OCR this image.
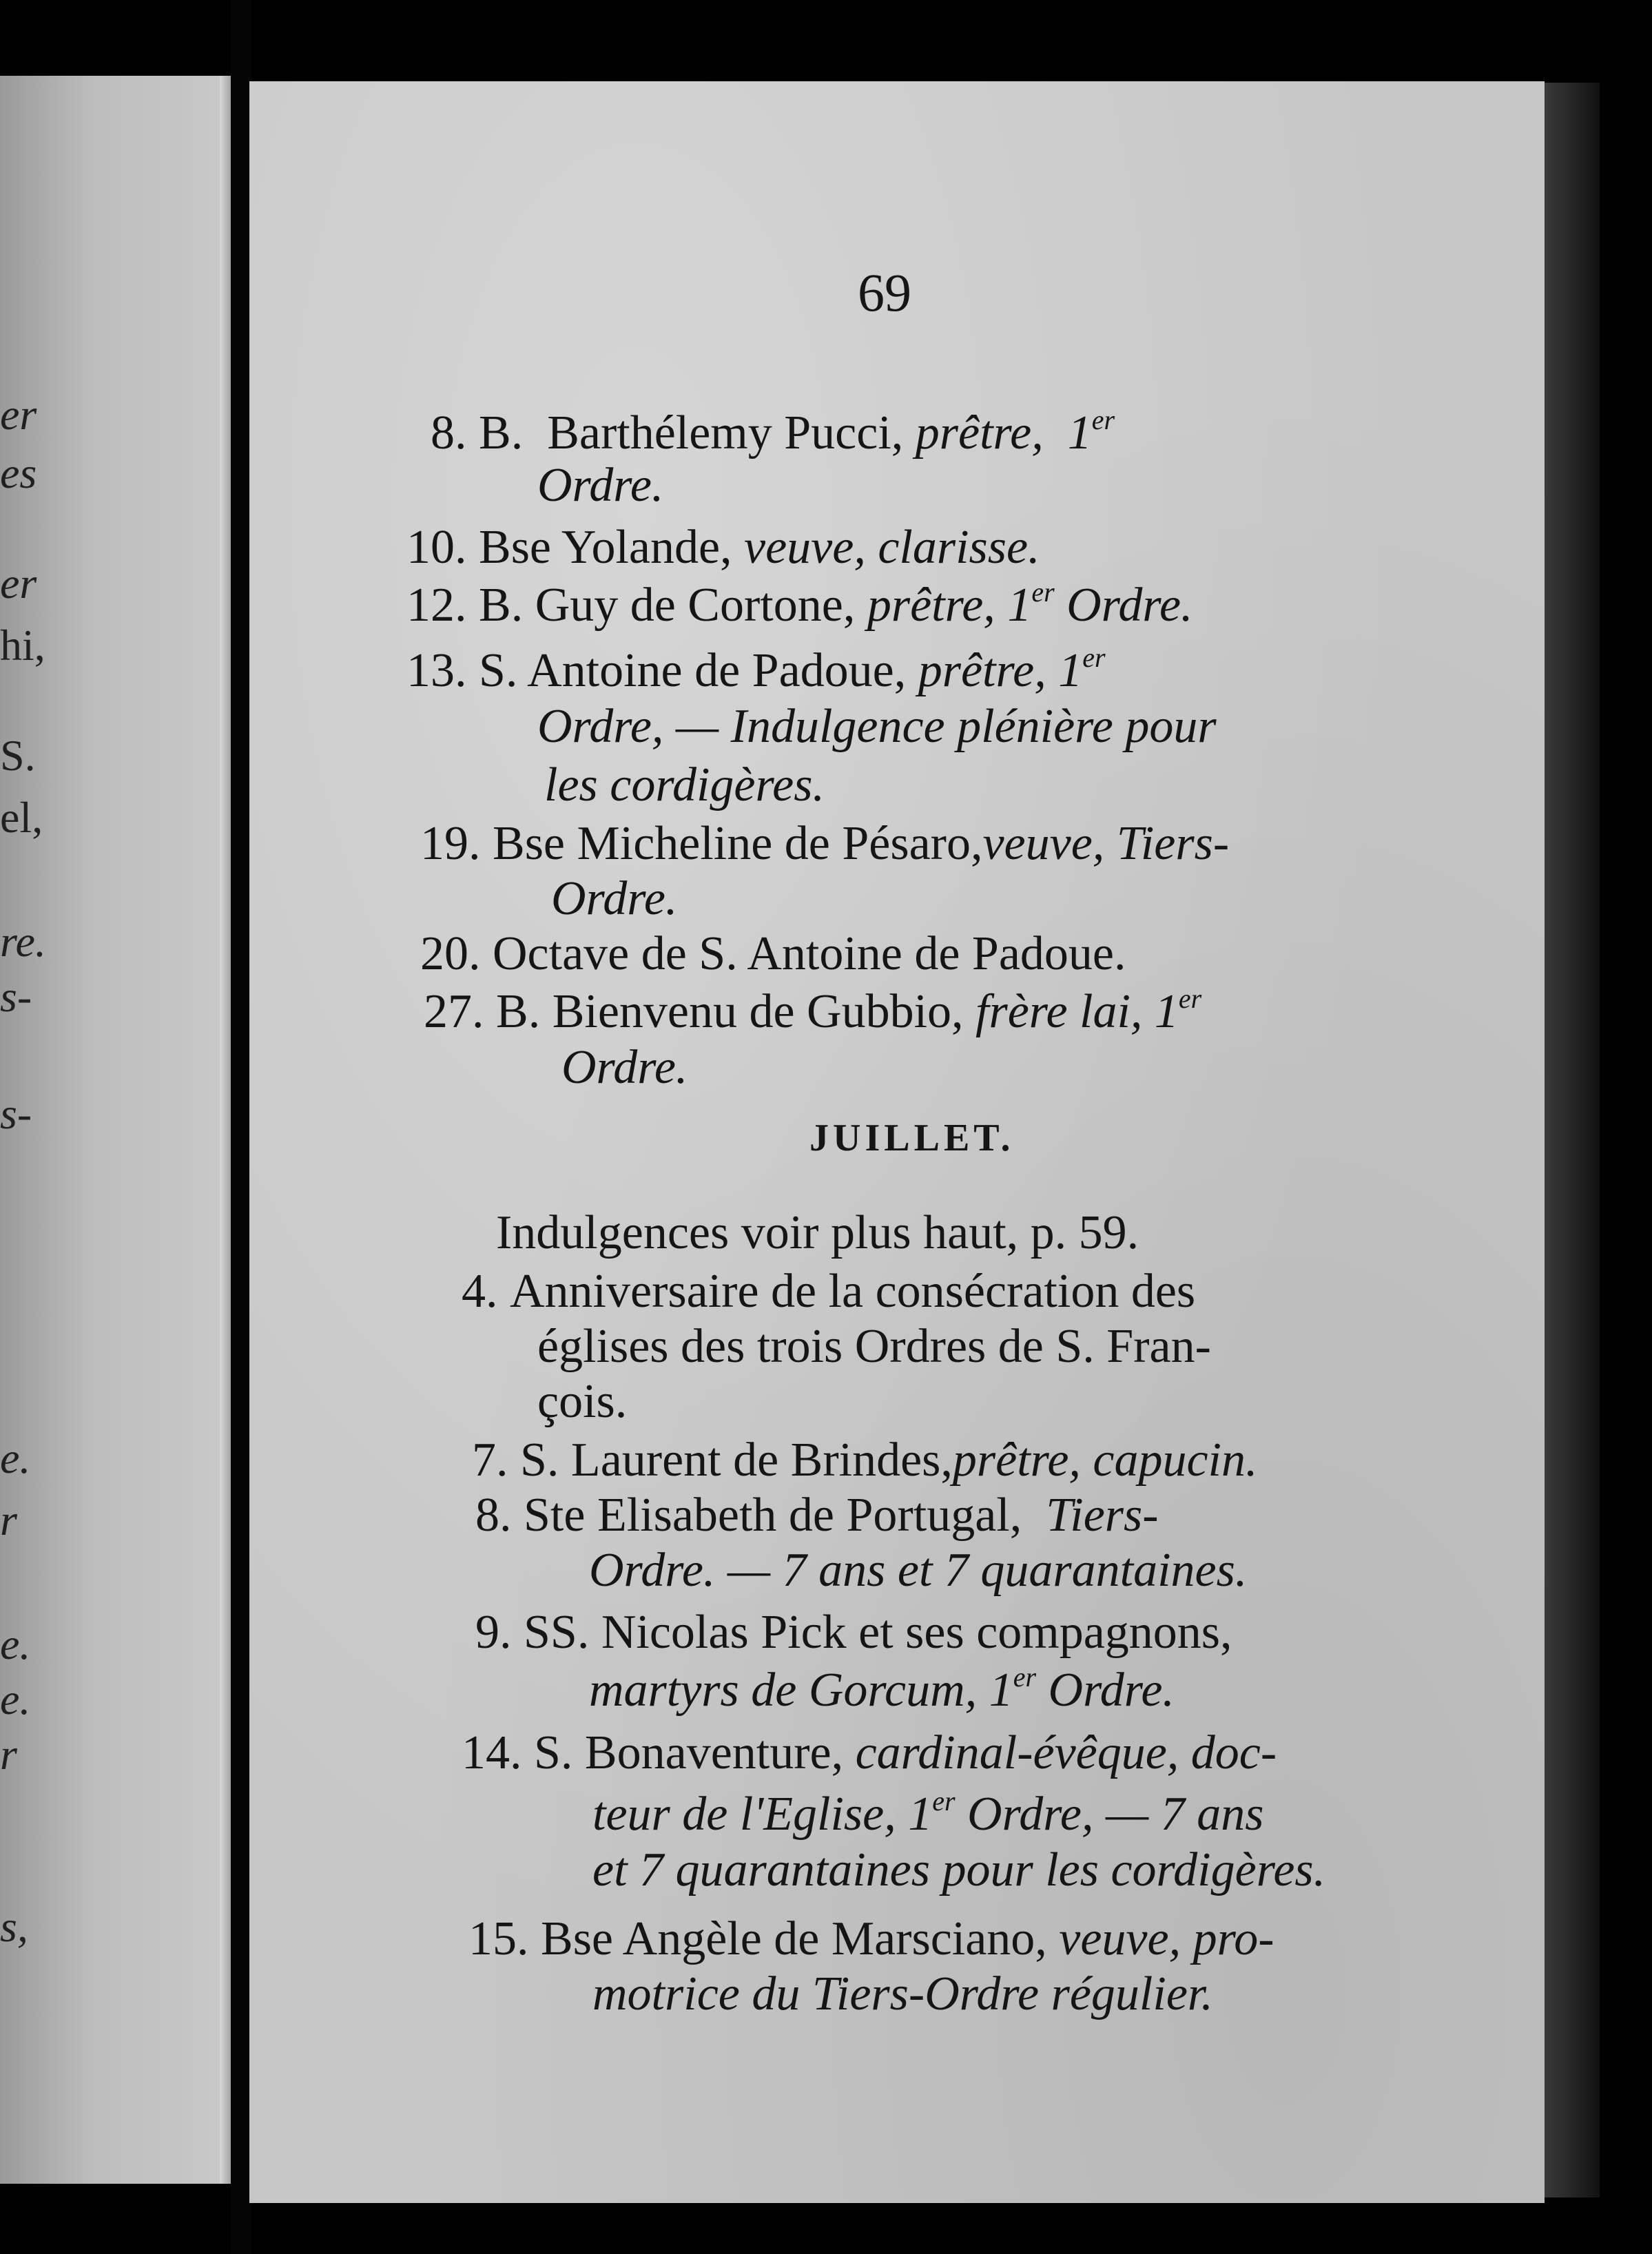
er
es
er
hi,
S.
el,
re.
s-
s-
e.
r
e.
e.
r
s,
69
8. B. Barthélemy Pucci, prêtre, 1er
Ordre.
10. Bse Yolande, veuve, clarisse.
12. B. Guy de Cortone, prêtre, 1er Ordre.
13. S. Antoine de Padoue, prêtre, 1er
Ordre, — Indulgence plénière pour
les cordigères.
19. Bse Micheline de Pésaro,veuve, Tiers-
Ordre.
20. Octave de S. Antoine de Padoue.
27. B. Bienvenu de Gubbio, frère lai, 1er
Ordre.
JUILLET.
Indulgences voir plus haut, p. 59.
4. Anniversaire de la consécration des
églises des trois Ordres de S. Fran-
çois.
7. S. Laurent de Brindes,prêtre, capucin.
8. Ste Elisabeth de Portugal, Tiers-
Ordre. — 7 ans et 7 quarantaines.
9. SS. Nicolas Pick et ses compagnons,
martyrs de Gorcum, 1er Ordre.
14. S. Bonaventure, cardinal-évêque, doc-
teur de l'Eglise, 1er Ordre, — 7 ans
et 7 quarantaines pour les cordigères.
15. Bse Angèle de Marsciano, veuve, pro-
motrice du Tiers-Ordre régulier.
